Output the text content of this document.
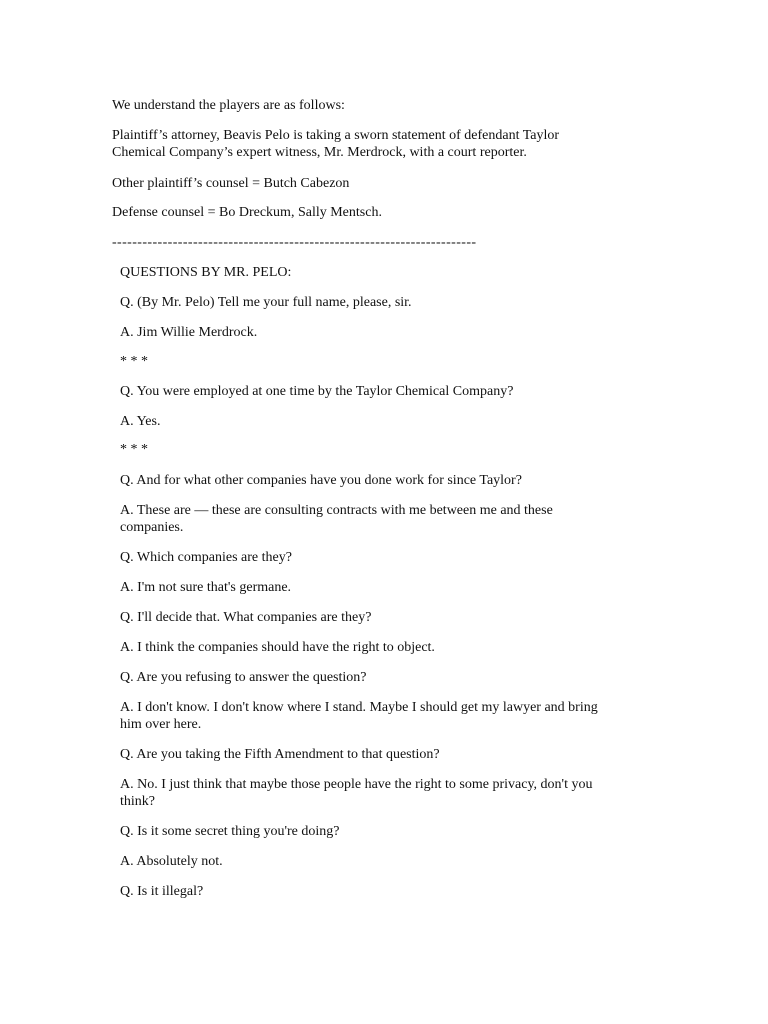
We understand the players are as follows:

Plaintiff’s attorney, Beavis Pelo is taking a sworn statement of defendant Taylor Chemical Company’s expert witness, Mr. Merdrock, with a court reporter.

Other plaintiff’s counsel = Butch Cabezon

Defense counsel = Bo Dreckum, Sally Mentsch.

------------------------------------------------------------------------

QUESTIONS BY MR. PELO:

Q. (By Mr. Pelo) Tell me your full name, please, sir.

A. Jim Willie Merdrock.

* * *

Q. You were employed at one time by the Taylor Chemical Company?

A. Yes.

* * *

Q. And for what other companies have you done work for since Taylor?

A. These are — these are consulting contracts with me between me and these companies.

Q. Which companies are they?

A. I'm not sure that's germane.

Q. I'll decide that. What companies are they?

A. I think the companies should have the right to object.

Q. Are you refusing to answer the question?

A. I don't know. I don't know where I stand. Maybe I should get my lawyer and bring him over here.

Q. Are you taking the Fifth Amendment to that question?

A. No. I just think that maybe those people have the right to some privacy, don't you think?

Q. Is it some secret thing you're doing?

A. Absolutely not.

Q. Is it illegal?
